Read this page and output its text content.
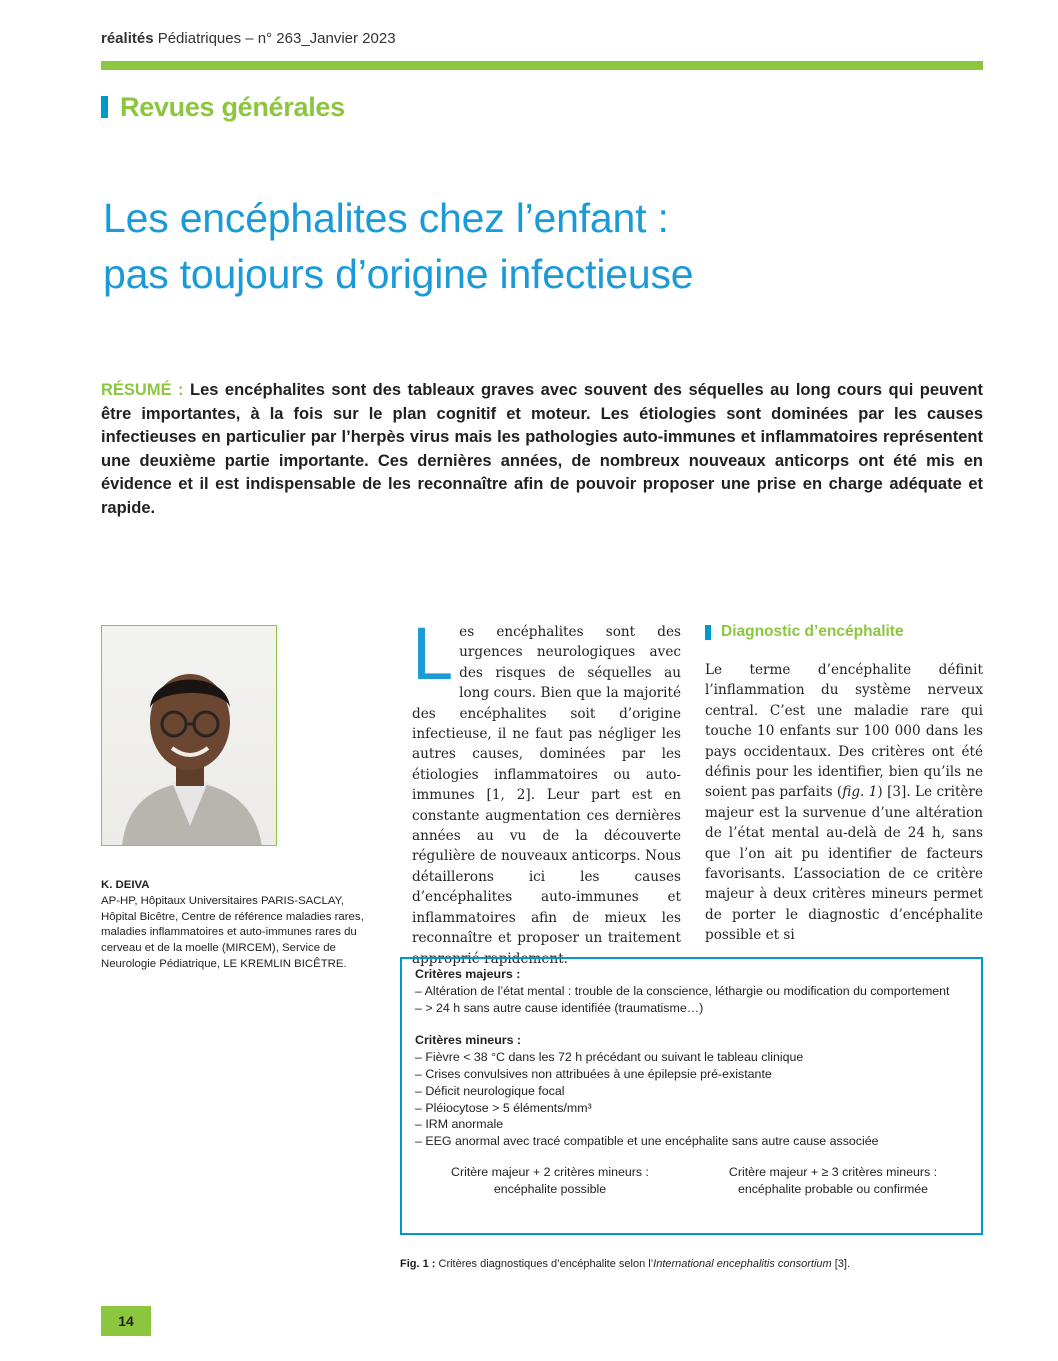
réalités Pédiatriques – n° 263_Janvier 2023
Revues générales
Les encéphalites chez l’enfant :
pas toujours d’origine infectieuse

RÉSUMÉ : Les encéphalites sont des tableaux graves avec souvent des séquelles au long cours qui peuvent être importantes, à la fois sur le plan cognitif et moteur. Les étiologies sont dominées par les causes infectieuses en particulier par l’herpès virus mais les pathologies auto-immunes et inflammatoires représentent une deuxième partie importante. Ces dernières années, de nombreux nouveaux anticorps ont été mis en évidence et il est indispensable de les reconnaître afin de pouvoir proposer une prise en charge adéquate et rapide.

K. DEIVA
AP-HP, Hôpitaux Universitaires PARIS-SACLAY, Hôpital Bicêtre, Centre de référence maladies rares, maladies inflammatoires et auto-immunes rares du cerveau et de la moelle (MIRCEM), Service de Neurologie Pédiatrique, LE KREMLIN BICÊTRE.
Les encéphalites sont des urgences neurologiques avec des risques de séquelles au long cours. Bien que la majorité des encéphalites soit d’origine infectieuse, il ne faut pas négliger les autres causes, dominées par les étiologies inflammatoires ou auto-immunes [1, 2]. Leur part est en constante augmentation ces dernières années au vu de la découverte régulière de nouveaux anticorps. Nous détaillerons ici les causes d’encéphalites auto-immunes et inflammatoires afin de mieux les reconnaître et proposer un traitement approprié rapidement.
Diagnostic d’encéphalite
Le terme d’encéphalite définit l’inflammation du système nerveux central. C’est une maladie rare qui touche 10 enfants sur 100 000 dans les pays occidentaux. Des critères ont été définis pour les identifier, bien qu’ils ne soient pas parfaits (fig. 1) [3]. Le critère majeur est la survenue d’une altération de l’état mental au-delà de 24 h, sans que l’on ait pu identifier de facteurs favorisants. L’association de ce critère majeur à deux critères mineurs permet de porter le diagnostic d’encéphalite possible et si
Critères majeurs :
– Altération de l’état mental : trouble de la conscience, léthargie ou modification du comportement
– > 24 h sans autre cause identifiée (traumatisme…)
Critères mineurs :
– Fièvre < 38 °C dans les 72 h précédant ou suivant le tableau clinique
– Crises convulsives non attribuées à une épilepsie pré-existante
– Déficit neurologique focal
– Pléiocytose > 5 éléments/mm³
– IRM anormale
– EEG anormal avec tracé compatible et une encéphalite sans autre cause associée
Critère majeur + 2 critères mineurs :
encéphalite possible
Critère majeur + ≥ 3 critères mineurs :
encéphalite probable ou confirmée
Fig. 1 : Critères diagnostiques d’encéphalite selon l’International encephalitis consortium [3].
14
